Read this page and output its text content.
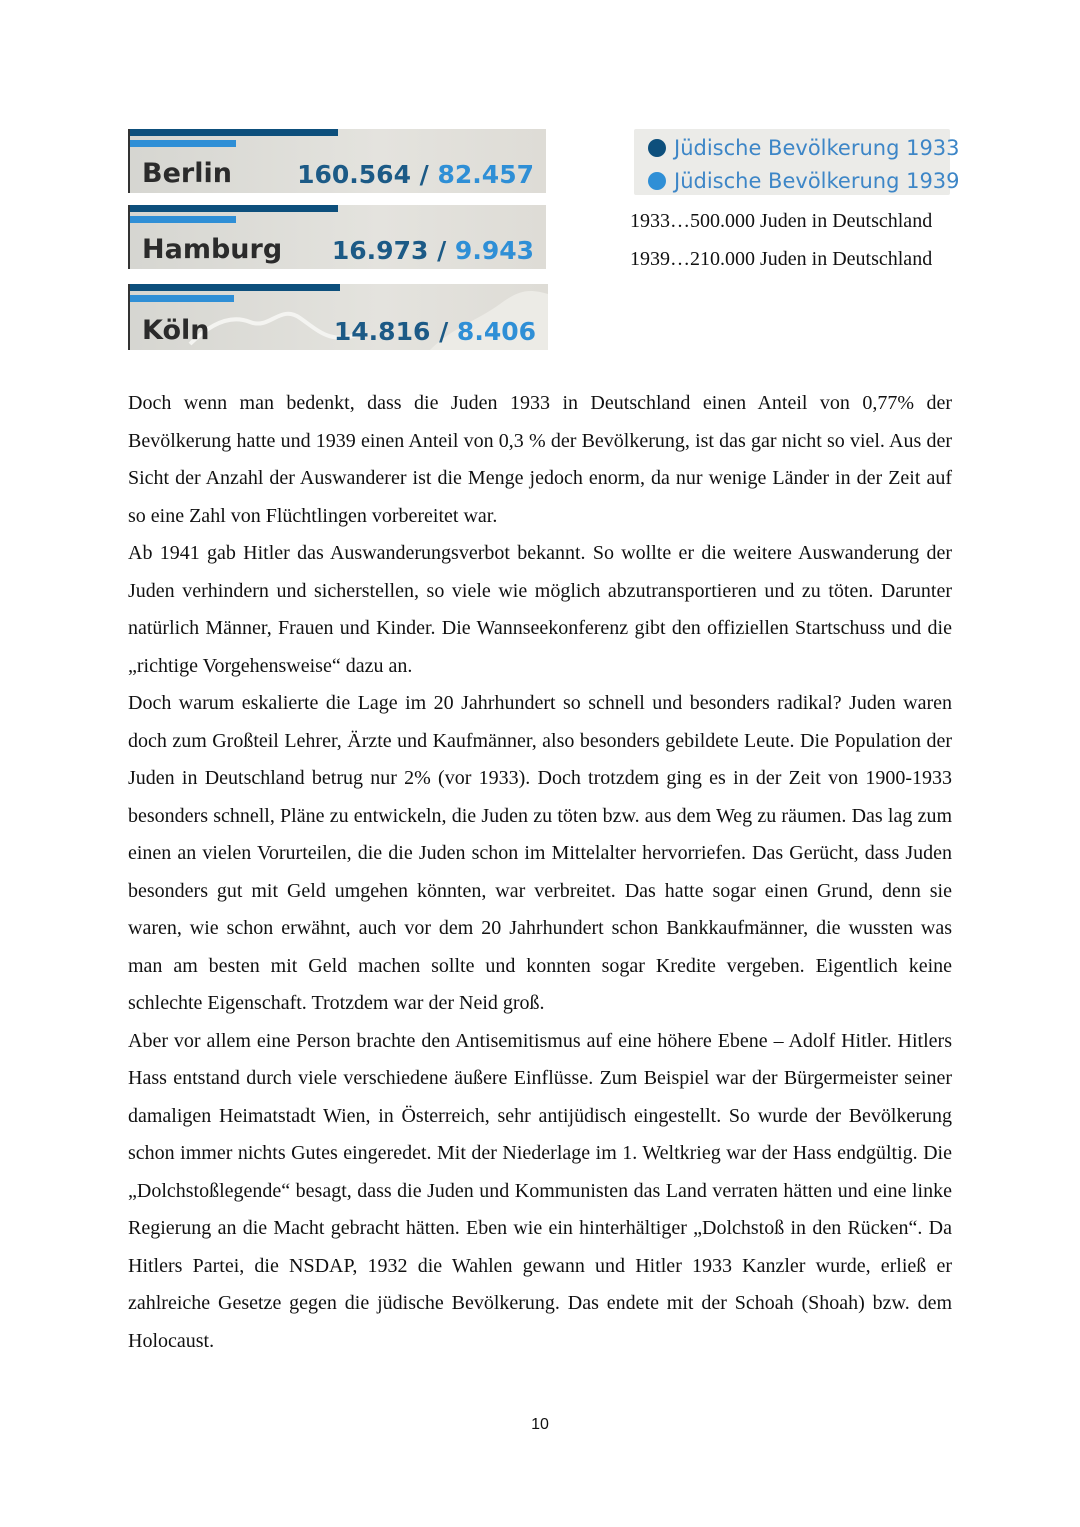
Berlin	160.564 / 82.457
Hamburg 16.973 / 9.943
Köln	14.816 / 8.406
Jüdische Bevölkerung 1933
Jüdische Bevölkerung 1939
1933…500.000 Juden in Deutschland
1939…210.000 Juden in Deutschland

Doch wenn man bedenkt, dass die Juden 1933 in Deutschland einen Anteil von 0,77% der Bevölkerung hatte und 1939 einen Anteil von 0,3 % der Bevölkerung, ist das gar nicht so viel. Aus der Sicht der Anzahl der Auswanderer ist die Menge jedoch enorm, da nur wenige Länder in der Zeit auf so eine Zahl von Flüchtlingen vorbereitet war.

Ab 1941 gab Hitler das Auswanderungsverbot bekannt. So wollte er die weitere Auswanderung der Juden verhindern und sicherstellen, so viele wie möglich abzutransportieren und zu töten. Darunter natürlich Männer, Frauen und Kinder. Die Wannseekonferenz gibt den offiziellen Startschuss und die „richtige Vorgehensweise“ dazu an.

Doch warum eskalierte die Lage im 20 Jahrhundert so schnell und besonders radikal? Juden waren doch zum Großteil Lehrer, Ärzte und Kaufmänner, also besonders gebildete Leute. Die Population der Juden in Deutschland betrug nur 2% (vor 1933). Doch trotzdem ging es in der Zeit von 1900-1933 besonders schnell, Pläne zu entwickeln, die Juden zu töten bzw. aus dem Weg zu räumen. Das lag zum einen an vielen Vorurteilen, die die Juden schon im Mittelalter hervorriefen. Das Gerücht, dass Juden besonders gut mit Geld umgehen könnten, war verbreitet. Das hatte sogar einen Grund, denn sie waren, wie schon erwähnt, auch vor dem 20 Jahrhundert schon Bankkaufmänner, die wussten was man am besten mit Geld machen sollte und konnten sogar Kredite vergeben. Eigentlich keine schlechte Eigenschaft. Trotzdem war der Neid groß.

Aber vor allem eine Person brachte den Antisemitismus auf eine höhere Ebene – Adolf Hitler. Hitlers Hass entstand durch viele verschiedene äußere Einflüsse. Zum Beispiel war der Bürgermeister seiner damaligen Heimatstadt Wien, in Österreich, sehr antijüdisch eingestellt. So wurde der Bevölkerung schon immer nichts Gutes eingeredet. Mit der Niederlage im 1. Weltkrieg war der Hass endgültig. Die „Dolchstoßlegende“ besagt, dass die Juden und Kommunisten das Land verraten hätten und eine linke Regierung an die Macht gebracht hätten. Eben wie ein hinterhältiger „Dolchstoß in den Rücken“. Da Hitlers Partei, die NSDAP, 1932 die Wahlen gewann und Hitler 1933 Kanzler wurde, erließ er zahlreiche Gesetze gegen die jüdische Bevölkerung. Das endete mit der Schoah (Shoah) bzw. dem Holocaust.

10
